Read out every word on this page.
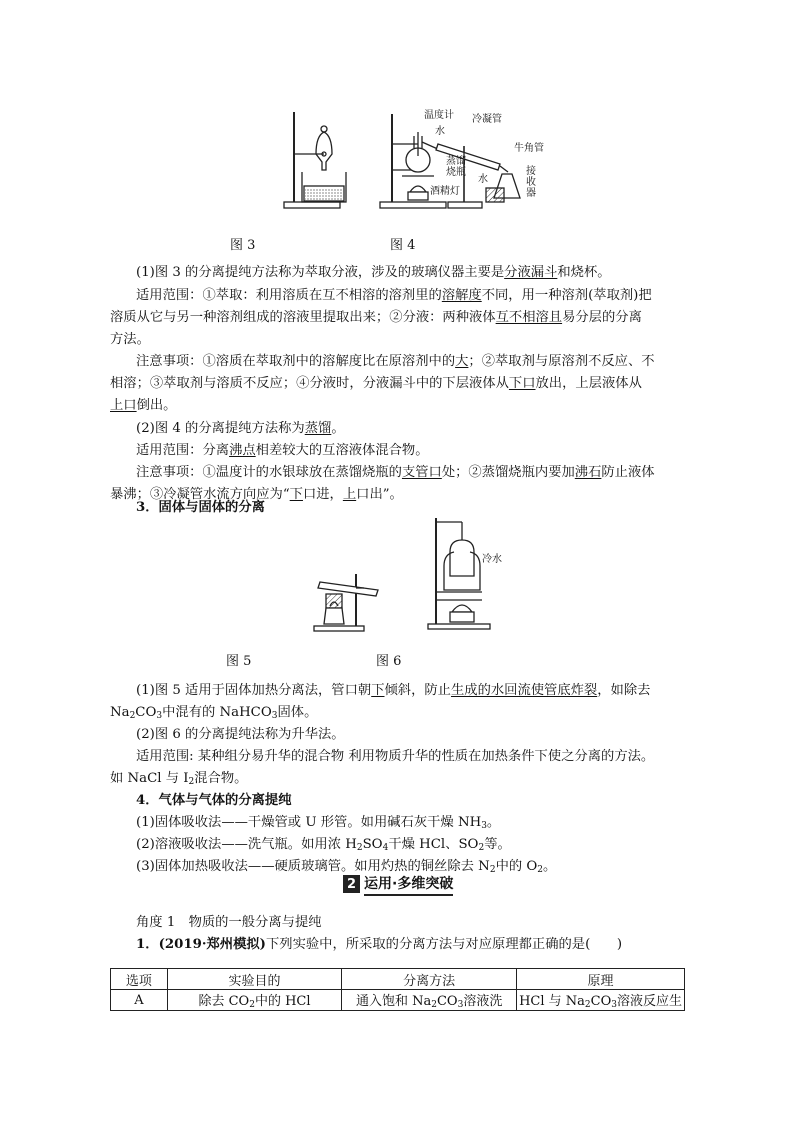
温度计 冷凝管
水
牛角管
蒸馏烧瓶
酒精灯
水
接收器
图 3	图 4
(1)图 3 的分离提纯方法称为萃取分液，涉及的玻璃仪器主要是分液漏斗和烧杯。
适用范围：①萃取：利用溶质在互不相溶的溶剂里的溶解度不同，用一种溶剂(萃取剂)把
溶质从它与另一种溶剂组成的溶液里提取出来；②分液：两种液体互不相溶且易分层的分离
方法。
注意事项：①溶质在萃取剂中的溶解度比在原溶剂中的大；②萃取剂与原溶剂不反应、不
相溶；③萃取剂与溶质不反应；④分液时，分液漏斗中的下层液体从下口放出，上层液体从
上口倒出。
(2)图 4 的分离提纯方法称为蒸馏。
适用范围：分离沸点相差较大的互溶液体混合物。
注意事项：①温度计的水银球放在蒸馏烧瓶的支管口处；②蒸馏烧瓶内要加沸石防止液体
暴沸；③冷凝管水流方向应为“下口进，上口出”。
3．固体与固体的分离
冷水
图 5	图 6
(1)图 5 适用于固体加热分离法，管口朝下倾斜，防止生成的水回流使管底炸裂，如除去
$Na_2CO_3$中混有的 NaHCO$_3$固体。
(2)图 6 的分离提纯法称为升华法。
适用范围: 某种组分易升华的混合物 利用物质升华的性质在加热条件下使之分离的方法。
如 NaCl 与 $I_2$混合物。
4．气体与气体的分离提纯
(1)固体吸收法——干燥管或 U 形管。如用碱石灰干燥 $NH_3$。
(2)溶液吸收法——洗气瓶。如用浓 $H_2SO_4$干燥 HCl、$SO_2$等。
(3)固体加热吸收法——硬质玻璃管。如用灼热的铜丝除去 $N_2$中的 $O_2$。
2 运用·多维突破
角度 1　物质的一般分离与提纯
1．(2019·郑州模拟)下列实验中，所采取的分离方法与对应原理都正确的是(　　)
选项	实验目的	分离方法	原理
A	除去 $CO_2$中的 HCl	通入饱和 $Na_2CO_3$溶液洗	HCl 与 $Na_2CO_3$溶液反应生
